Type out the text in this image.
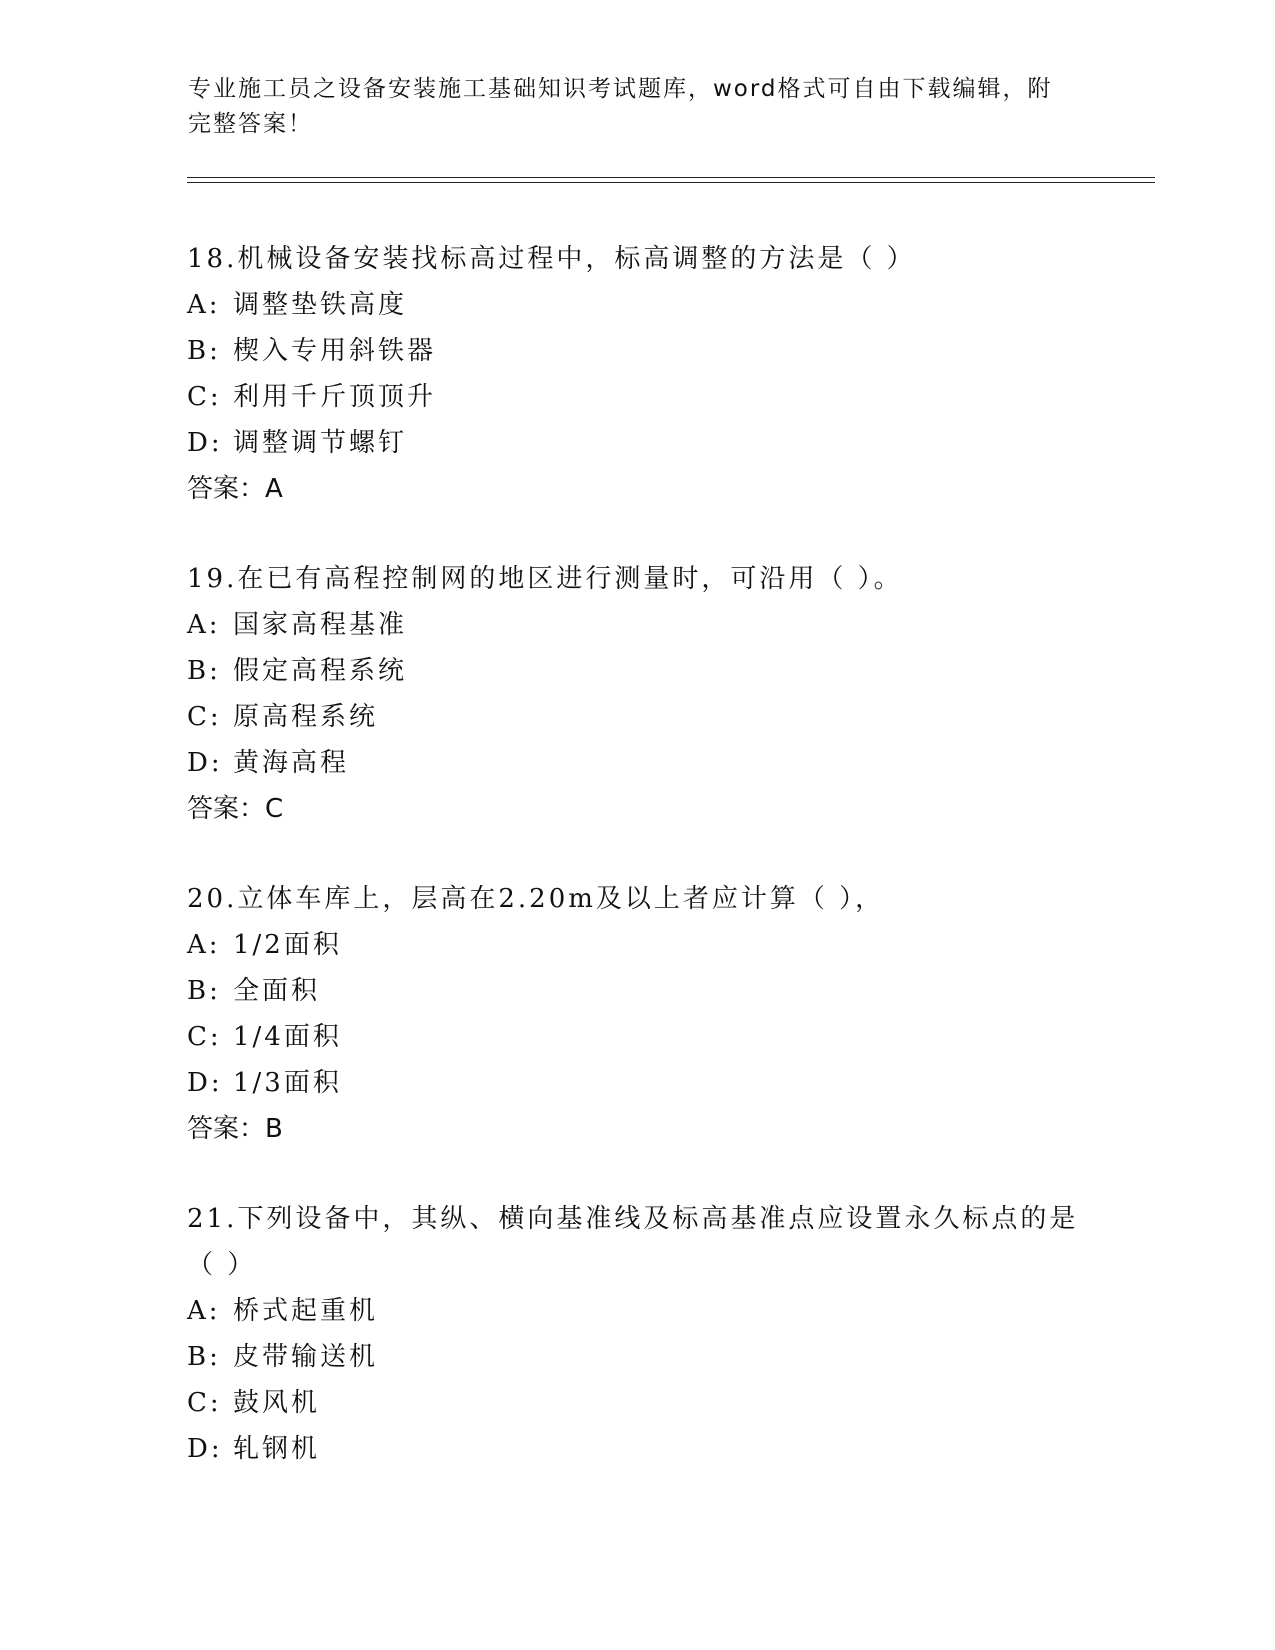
专业施工员之设备安装施工基础知识考试题库，word格式可自由下载编辑，附完整答案！

18.机械设备安装找标高过程中，标高调整的方法是（ ）

A: 调整垫铁高度

B: 楔入专用斜铁器

C: 利用千斤顶顶升

D: 调整调节螺钉

答案：A

19.在已有高程控制网的地区进行测量时，可沿用（ ）。

A: 国家高程基准

B: 假定高程系统

C: 原高程系统

D: 黄海高程

答案：C

20.立体车库上，层高在2.20m及以上者应计算（ ），

A: 1/2面积

B: 全面积

C: 1/4面积

D: 1/3面积

答案：B

21.下列设备中，其纵、横向基准线及标高基准点应设置永久标点的是（ ）

A: 桥式起重机

B: 皮带输送机

C: 鼓风机

D: 轧钢机
